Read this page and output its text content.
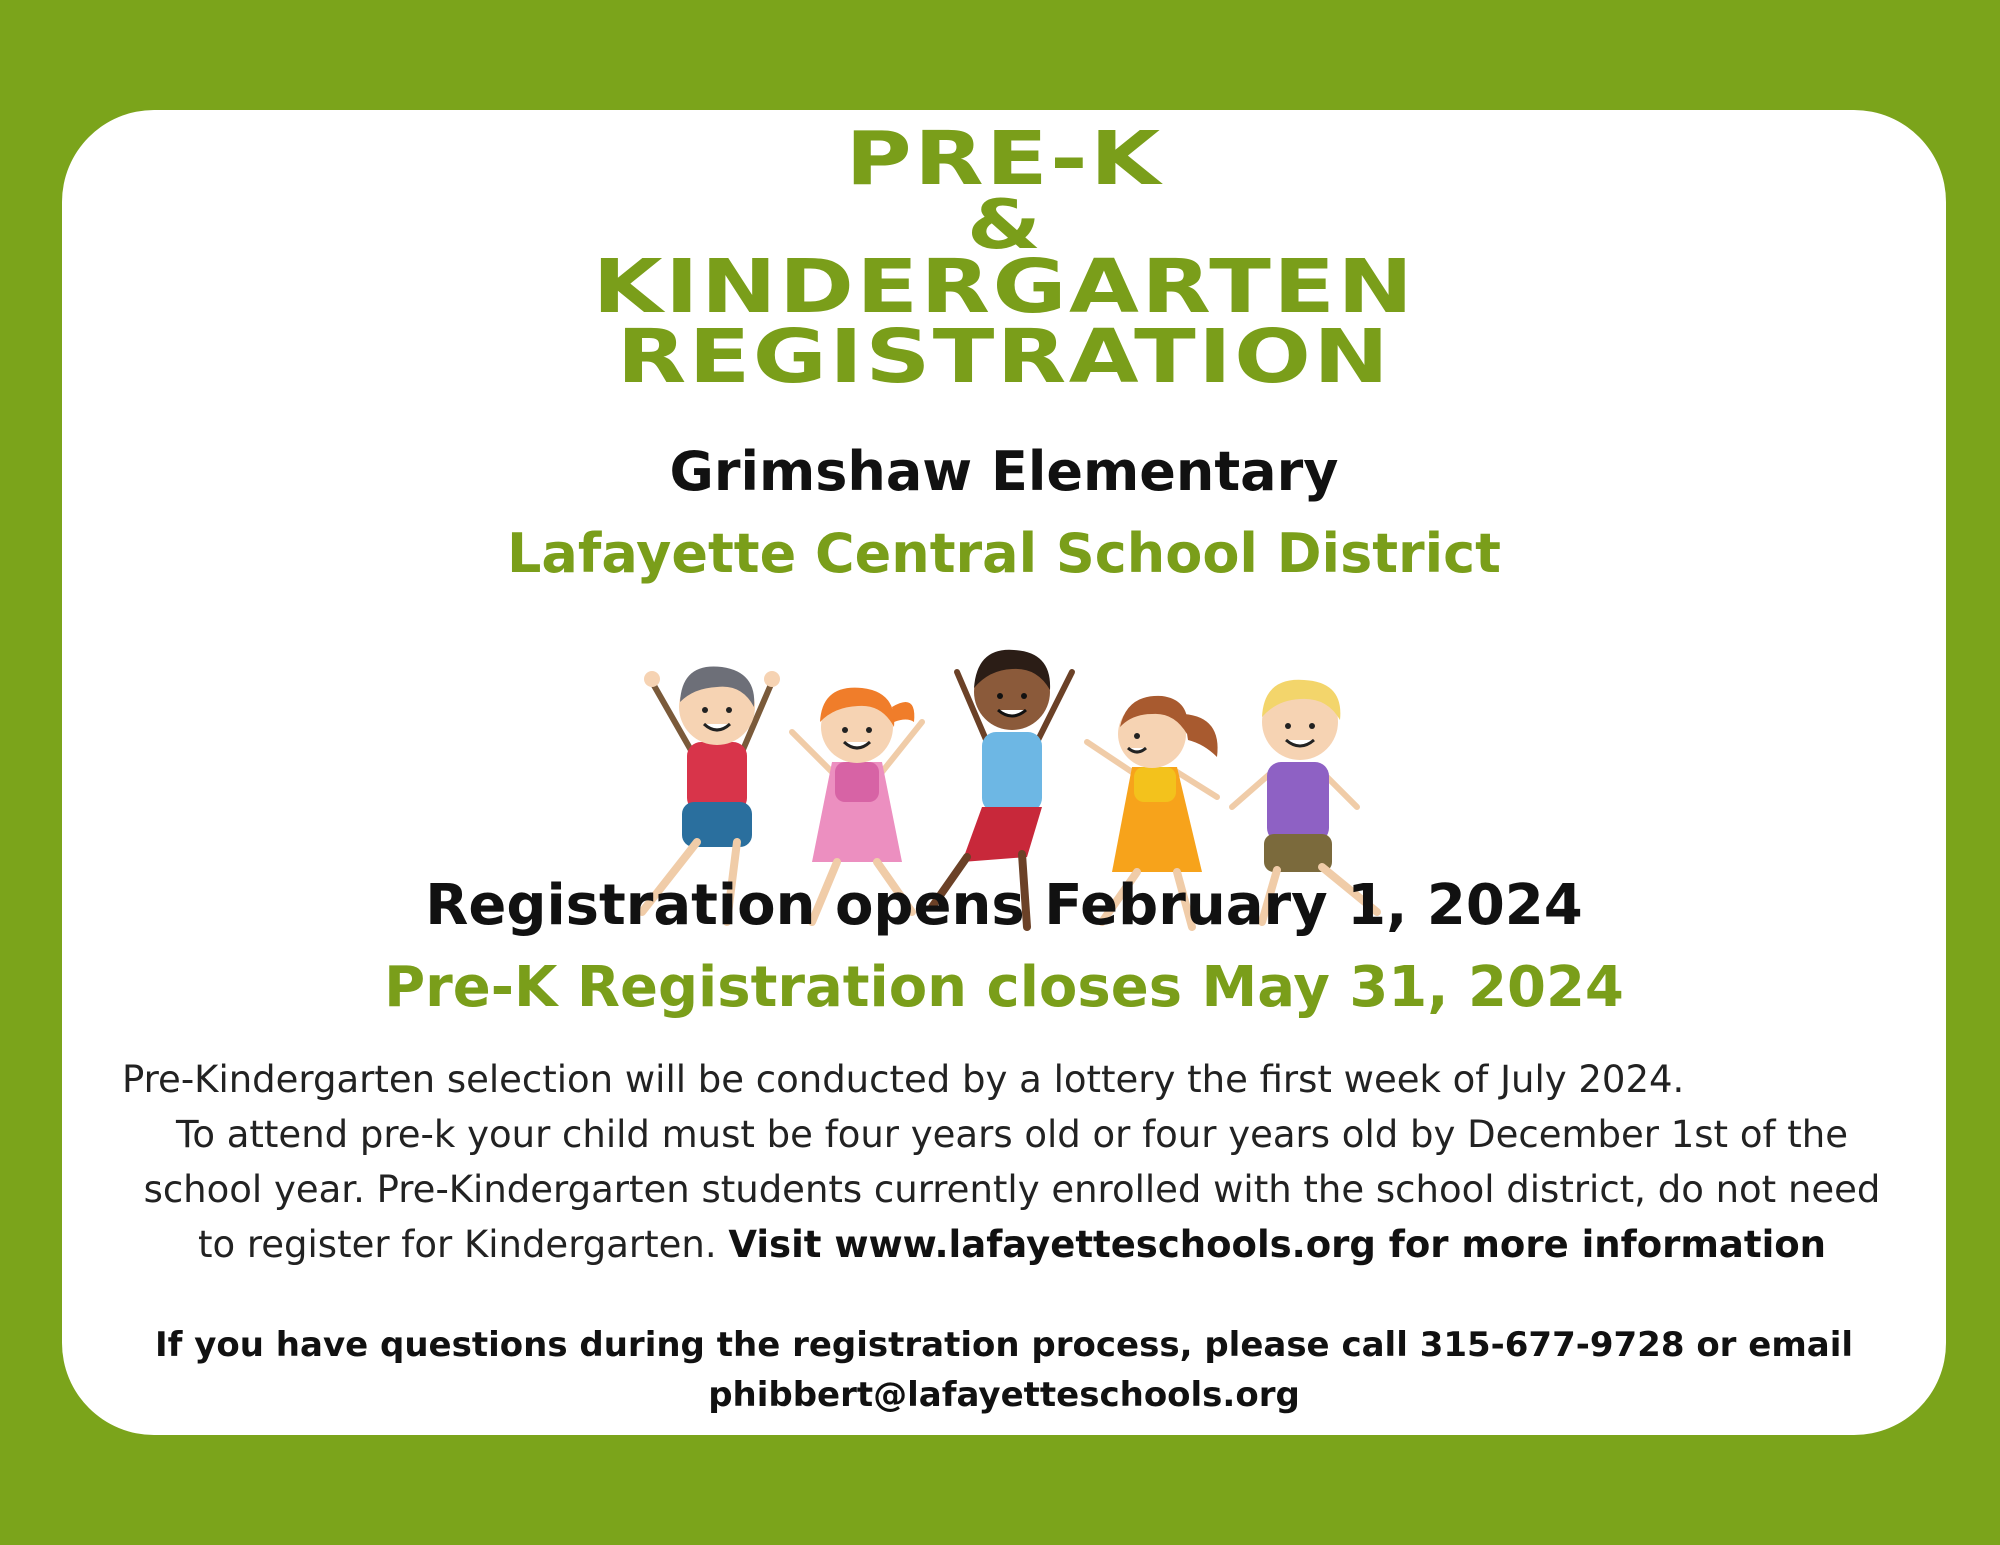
PRE-K
&
KINDERGARTEN
REGISTRATION
Grimshaw Elementary
Lafayette Central School District
Registration opens February 1, 2024
Pre-K Registration closes May 31, 2024
Pre-Kindergarten selection will be conducted by a lottery the first week of July 2024.
To attend pre-k your child must be four years old or four years old by December 1st of the school year. Pre-Kindergarten students currently enrolled with the school district, do not need to register for Kindergarten. Visit www.lafayetteschools.org for more information
If you have questions during the registration process, please call 315-677-9728 or email
phibbert@lafayetteschools.org
